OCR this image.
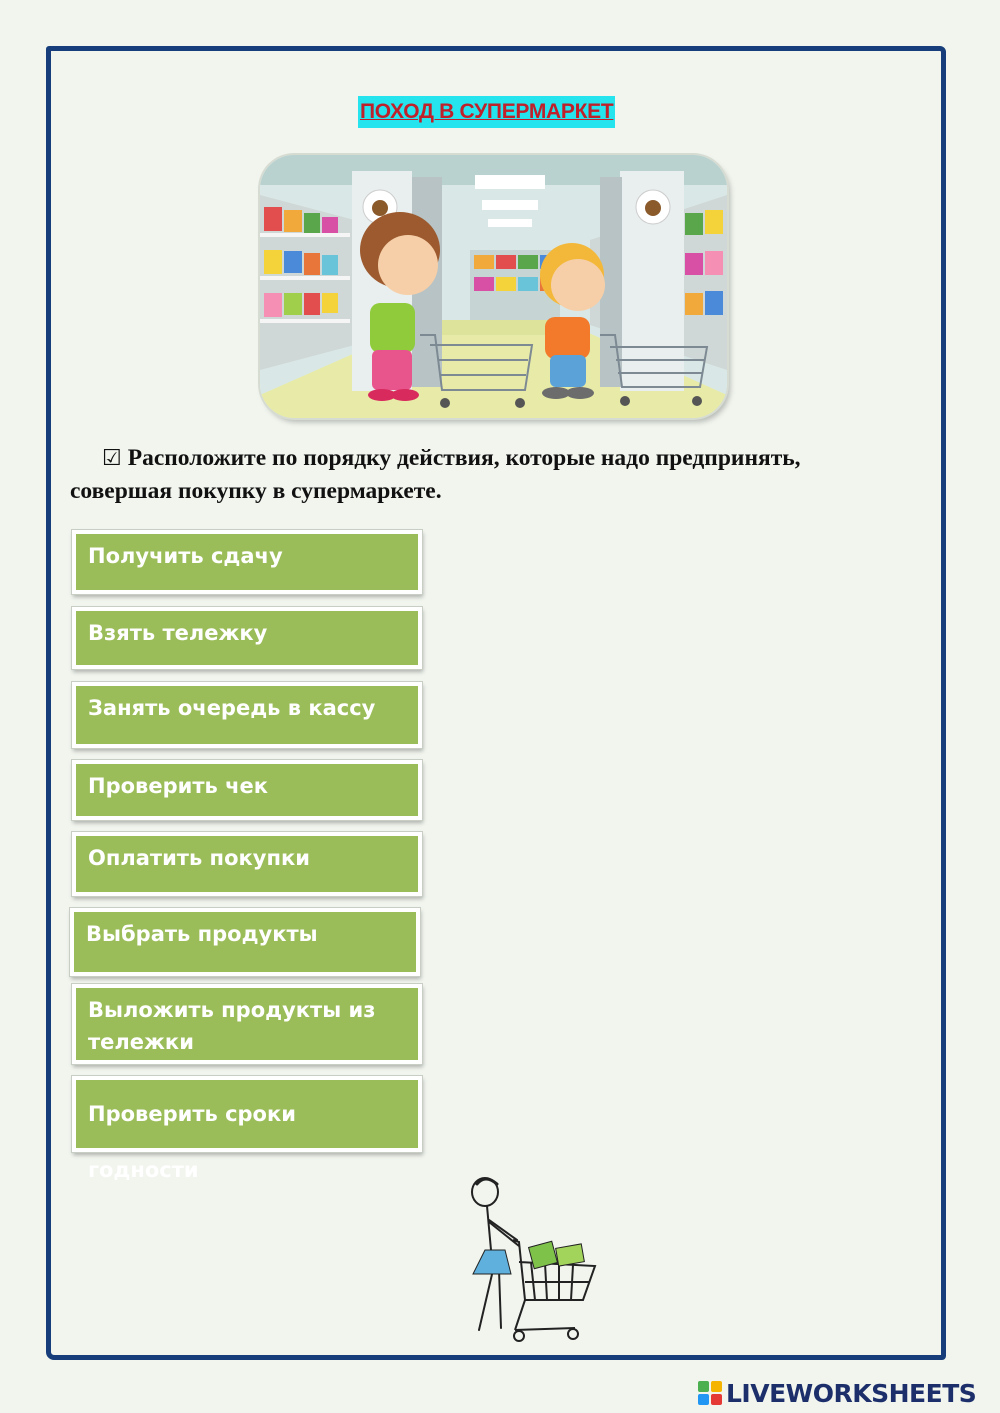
ПОХОД В СУПЕРМАРКЕТ
☑ Расположите по порядку действия, которые надо предпринять,
совершая покупку в супермаркете.
Получить сдачу
Взять тележку
Занять очередь в кассу
Проверить чек
Оплатить покупки
Выбрать продукты
Выложить продукты из тележки
Проверить сроки годности
LIVEWORKSHEETS
